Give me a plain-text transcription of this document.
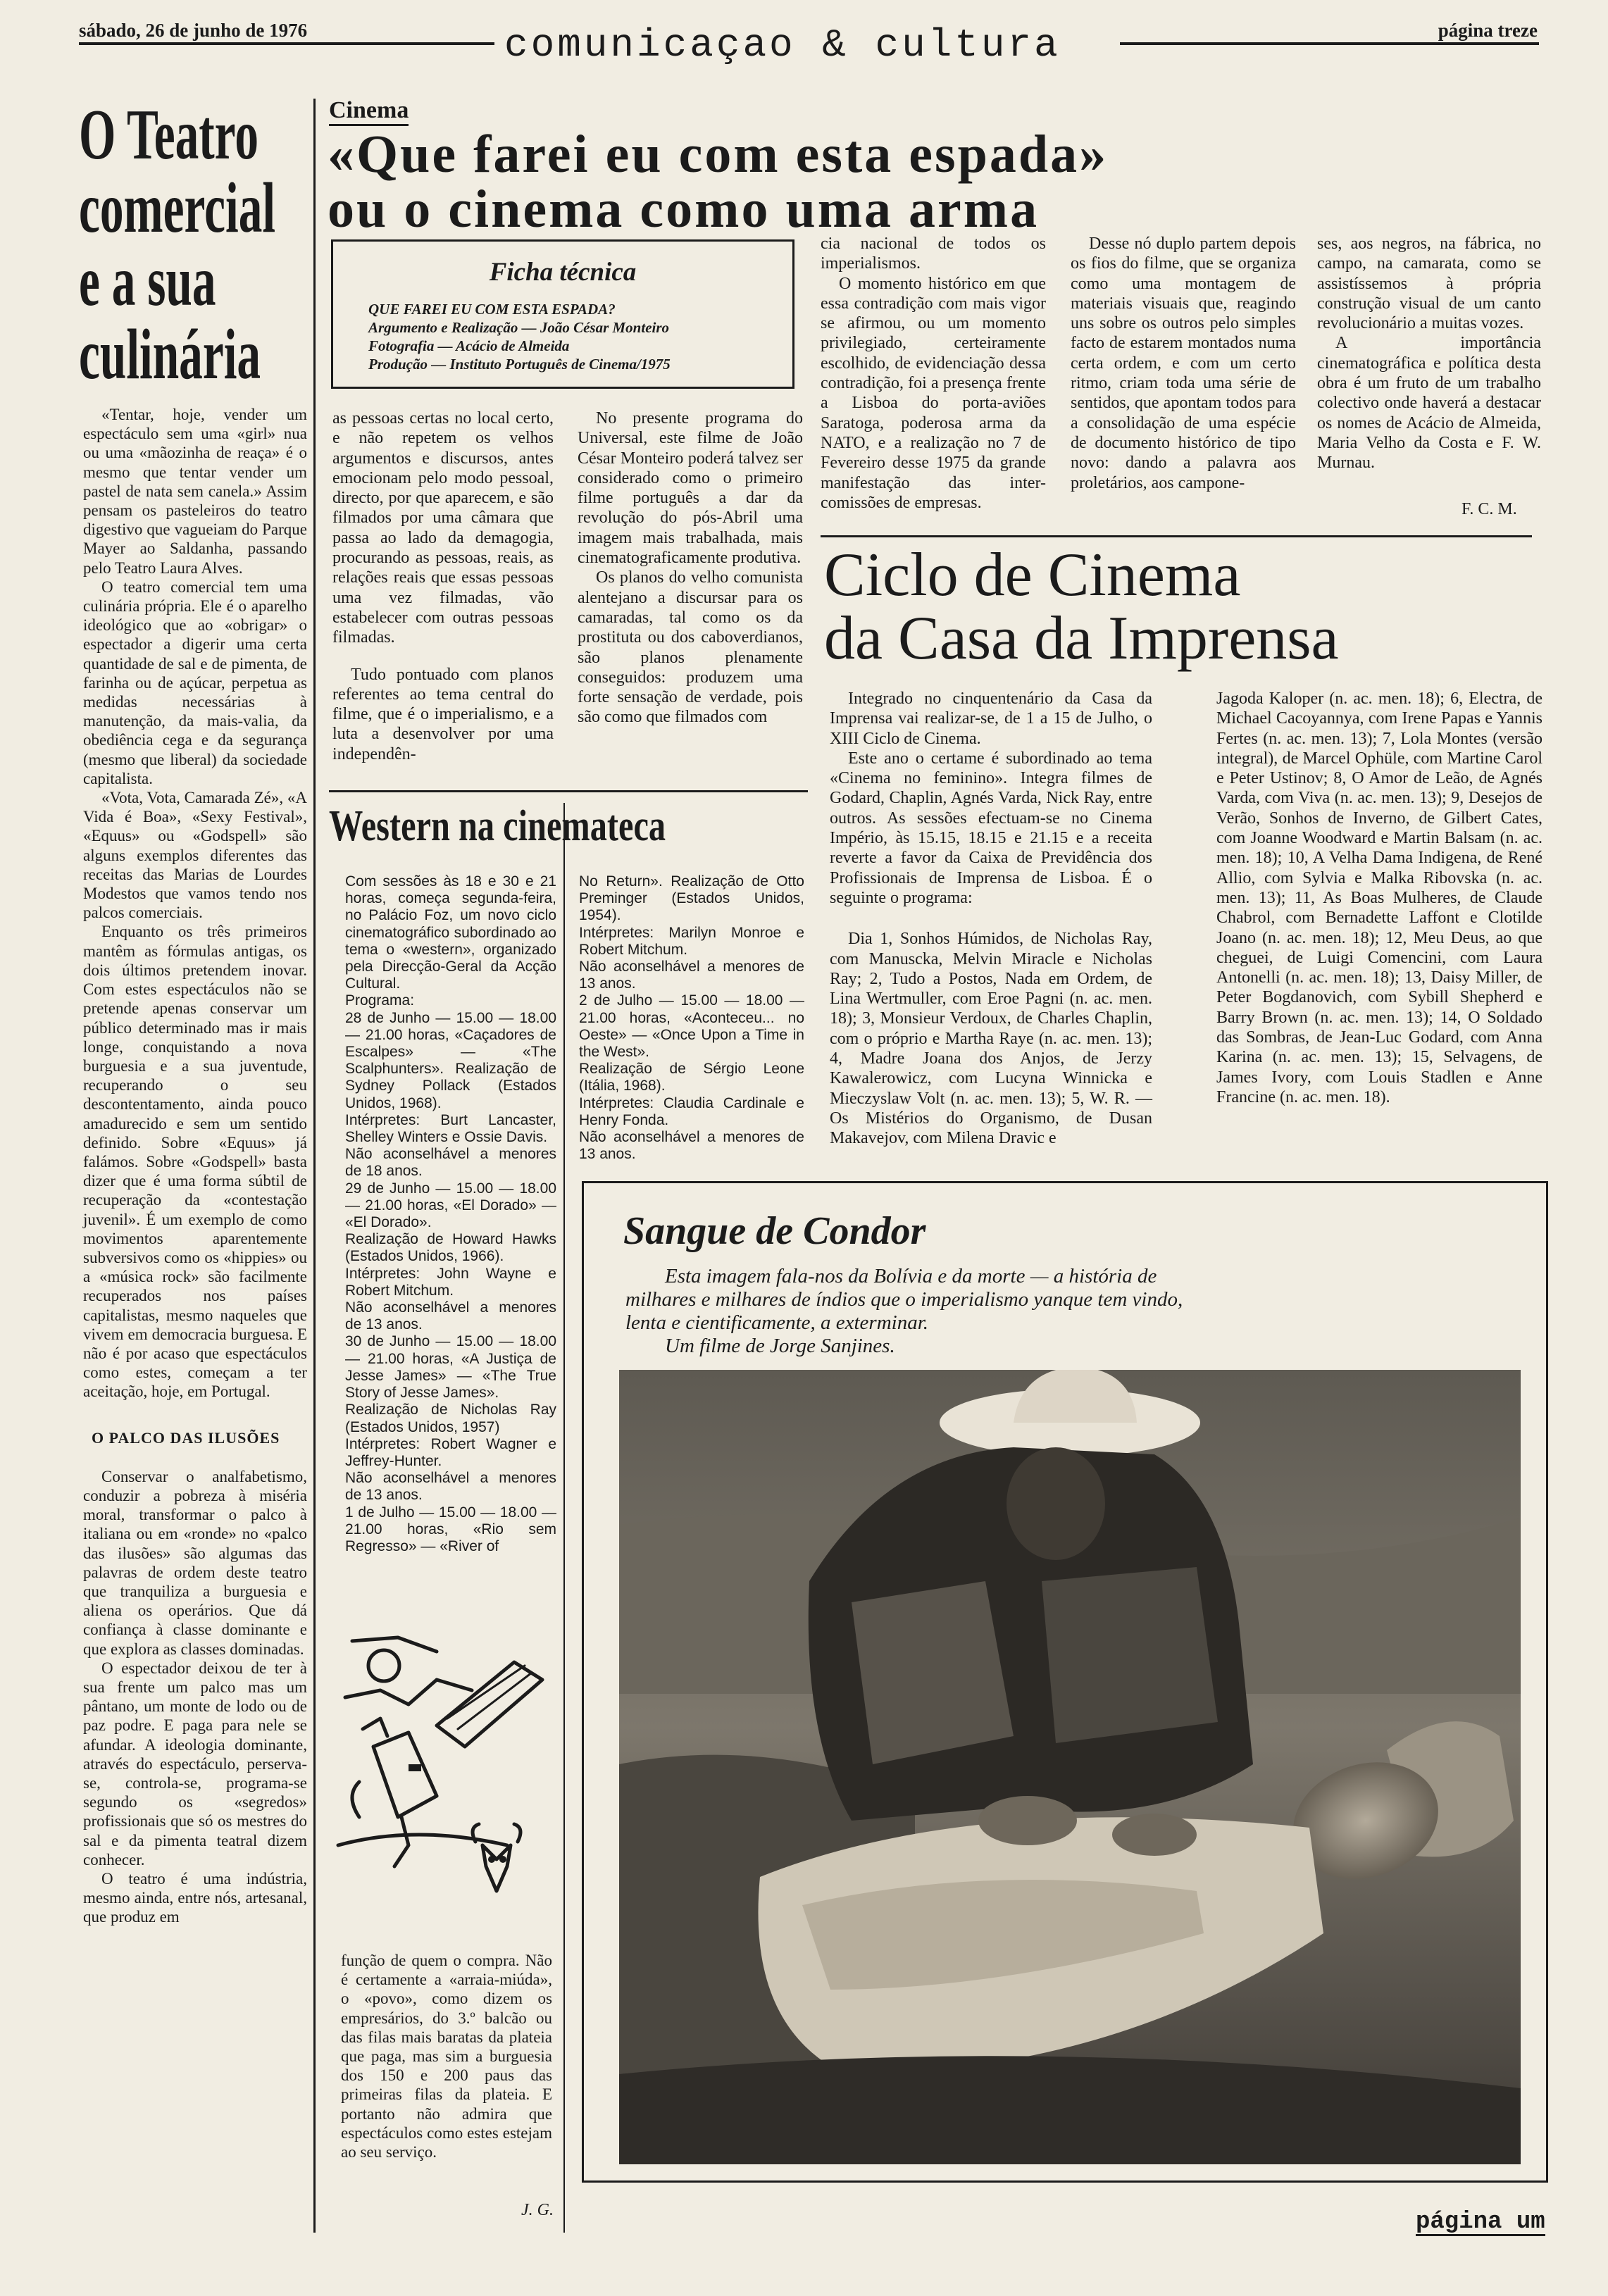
sábado, 26 de junho de 1976	comunicaçao & cultura	página treze
O Teatro
comercial
e a sua
culinária

«Tentar, hoje, vender um espectáculo sem uma «girl» nua ou uma «mãozinha de reaça» é o mesmo que tentar vender um pastel de nata sem canela.» Assim pensam os pasteleiros do teatro digestivo que vagueiam do Parque Mayer ao Saldanha, passando pelo Teatro Laura Alves.

O teatro comercial tem uma culinária própria. Ele é o aparelho ideológico que ao «obrigar» o espectador a digerir uma certa quantidade de sal e de pimenta, de farinha ou de açúcar, perpetua as medidas necessárias à manutenção, da mais-valia, da obediência cega e da segurança (mesmo que liberal) da sociedade capitalista.

«Vota, Vota, Camarada Zé», «A Vida é Boa», «Sexy Festival», «Equus» ou «Godspell» são alguns exemplos diferentes das receitas das Marias de Lourdes Modestos que vamos tendo nos palcos comerciais.

Enquanto os três primeiros mantêm as fórmulas antigas, os dois últimos pretendem inovar. Com estes espectáculos não se pretende apenas conservar um público determinado mas ir mais longe, conquistando a nova burguesia e a sua juventude, recuperando o seu descontentamento, ainda pouco amadurecido e sem um sentido definido. Sobre «Equus» já falámos. Sobre «Godspell» basta dizer que é uma forma súbtil de recuperação da «contestação juvenil». É um exemplo de como movimentos aparentemente subversivos como os «hippies» ou a «música rock» são facilmente recuperados nos países capitalistas, mesmo naqueles que vivem em democracia burguesa. E não é por acaso que espectáculos como estes, começam a ter aceitação, hoje, em Portugal.

O PALCO DAS ILUSÕES

Conservar o analfabetismo, conduzir a pobreza à miséria moral, transformar o palco à italiana ou em «ronde» no «palco das ilusões» são algumas das palavras de ordem deste teatro que tranquiliza a burguesia e aliena os operários. Que dá confiança à classe dominante e que explora as classes dominadas.

O espectador deixou de ter à sua frente um palco mas um pântano, um monte de lodo ou de paz podre. E paga para nele se afundar. A ideologia dominante, através do espectáculo, perserva-se, controla-se, programa-se segundo os «segredos» profissionais que só os mestres do sal e da pimenta teatral dizem conhecer.

O teatro é uma indústria, mesmo ainda, entre nós, artesanal, que produz em

função de quem o compra. Não é certamente a «arraia-miúda», o «povo», como dizem os empresários, do 3.º balcão ou das filas mais baratas da plateia que paga, mas sim a burguesia dos 150 e 200 paus das primeiras filas da plateia. E portanto não admira que espectáculos como estes estejam ao seu serviço.

J. G.
Cinema
«Que farei eu com esta espada»
ou o cinema como uma arma
Ficha técnica
QUE FAREI EU COM ESTA ESPADA?
Argumento e Realização — João César Monteiro
Fotografia — Acácio de Almeida
Produção — Instituto Português de Cinema/1975

as pessoas certas no local certo, e não repetem os velhos argumentos e discursos, antes emocionam pelo modo pessoal, directo, por que aparecem, e são filmados por uma câmara que passa ao lado da demagogia, procurando as pessoas, reais, as relações reais que essas pessoas uma vez filmadas, vão estabelecer com outras pessoas filmadas.

Tudo pontuado com planos referentes ao tema central do filme, que é o imperialismo, e a luta a desenvolver por uma independên-

No presente programa do Universal, este filme de João César Monteiro poderá talvez ser considerado como o primeiro filme português a dar da revolução do pós-Abril uma imagem mais trabalhada, mais cinematograficamente produtiva.

Os planos do velho comunista alentejano a discursar para os camaradas, tal como os da prostituta ou dos caboverdianos, são planos plenamente conseguidos: produzem uma forte sensação de verdade, pois são como que filmados com

cia nacional de todos os imperialismos.

O momento histórico em que essa contradição com mais vigor se afirmou, ou um momento privilegiado, certeiramente escolhido, de evidenciação dessa contradição, foi a presença frente a Lisboa do porta-aviões Saratoga, poderosa arma da NATO, e a realização no 7 de Fevereiro desse 1975 da grande manifestação das inter-comissões de empresas.

Desse nó duplo partem depois os fios do filme, que se organiza como uma montagem de materiais visuais que, reagindo uns sobre os outros pelo simples facto de estarem montados numa certa ordem, e com um certo ritmo, criam toda uma série de sentidos, que apontam todos para a consolidação de uma espécie de documento histórico de tipo novo: dando a palavra aos proletários, aos campone-

ses, aos negros, na fábrica, no campo, na camarata, como se assistíssemos à própria construção visual de um canto revolucionário a muitas vozes.

A importância cinematográfica e política desta obra é um fruto de um trabalho colectivo onde haverá a destacar os nomes de Acácio de Almeida, Maria Velho da Costa e F. W. Murnau.

F. C. M.
Western na cinemateca
Com sessões às 18 e 30 e 21 horas, começa segunda-feira, no Palácio Foz, um novo ciclo cinematográfico subordinado ao tema o «western», organizado pela Direcção-Geral da Acção Cultural.
Programa:
28 de Junho — 15.00 — 18.00 — 21.00 horas, «Caçadores de Escalpes» — «The Scalphunters». Realização de Sydney Pollack (Estados Unidos, 1968).
Intérpretes: Burt Lancaster, Shelley Winters e Ossie Davis.
Não aconselhável a menores de 18 anos.
29 de Junho — 15.00 — 18.00 — 21.00 horas, «El Dorado» — «El Dorado».
Realização de Howard Hawks (Estados Unidos, 1966).
Intérpretes: John Wayne e Robert Mitchum.
Não aconselhável a menores de 13 anos.
30 de Junho — 15.00 — 18.00 — 21.00 horas, «A Justiça de Jesse James» — «The True Story of Jesse James».
Realização de Nicholas Ray (Estados Unidos, 1957)
Intérpretes: Robert Wagner e Jeffrey-Hunter.
Não aconselhável a menores de 13 anos.
1 de Julho — 15.00 — 18.00 — 21.00 horas, «Rio sem Regresso» — «River of
No Return». Realização de Otto Preminger (Estados Unidos, 1954).
Intérpretes: Marilyn Monroe e Robert Mitchum.
Não aconselhável a menores de 13 anos.
2 de Julho — 15.00 — 18.00 — 21.00 horas, «Aconteceu... no Oeste» — «Once Upon a Time in the West».
Realização de Sérgio Leone (Itália, 1968).
Intérpretes: Claudia Cardinale e Henry Fonda.
Não aconselhável a menores de 13 anos.
Ciclo de Cinema
da Casa da Imprensa

Integrado no cinquentenário da Casa da Imprensa vai realizar-se, de 1 a 15 de Julho, o XIII Ciclo de Cinema.

Este ano o certame é subordinado ao tema «Cinema no feminino». Integra filmes de Godard, Chaplin, Agnés Varda, Nick Ray, entre outros. As sessões efectuam-se no Cinema Império, às 15.15, 18.15 e 21.15 e a receita reverte a favor da Caixa de Previdência dos Profissionais de Imprensa de Lisboa. É o seguinte o programa:

Dia 1, Sonhos Húmidos, de Nicholas Ray, com Manuscka, Melvin Miracle e Nicholas Ray; 2, Tudo a Postos, Nada em Ordem, de Lina Wertmuller, com Eroe Pagni (n. ac. men. 18); 3, Monsieur Verdoux, de Charles Chaplin, com o próprio e Martha Raye (n. ac. men. 13); 4, Madre Joana dos Anjos, de Jerzy Kawalerowicz, com Lucyna Winnicka e Mieczyslaw Volt (n. ac. men. 13); 5, W. R. — Os Mistérios do Organismo, de Dusan Makavejov, com Milena Dravic e

Jagoda Kaloper (n. ac. men. 18); 6, Electra, de Michael Cacoyannya, com Irene Papas e Yannis Fertes (n. ac. men. 13); 7, Lola Montes (versão integral), de Marcel Ophüle, com Martine Carol e Peter Ustinov; 8, O Amor de Leão, de Agnés Varda, com Viva (n. ac. men. 13); 9, Desejos de Verão, Sonhos de Inverno, de Gilbert Cates, com Joanne Woodward e Martin Balsam (n. ac. men. 18); 10, A Velha Dama Indigena, de René Allio, com Sylvia e Malka Ribovska (n. ac. men. 13); 11, As Boas Mulheres, de Claude Chabrol, com Bernadette Laffont e Clotilde Joano (n. ac. men. 18); 12, Meu Deus, ao que cheguei, de Luigi Comencini, com Laura Antonelli (n. ac. men. 18); 13, Daisy Miller, de Peter Bogdanovich, com Sybill Shepherd e Barry Brown (n. ac. men. 13); 14, O Soldado das Sombras, de Jean-Luc Godard, com Anna Karina (n. ac. men. 13); 15, Selvagens, de James Ivory, com Louis Stadlen e Anne Francine (n. ac. men. 18).

Sangue de Condor
Esta imagem fala-nos da Bolívia e da morte — a história de
milhares e milhares de índios que o imperialismo yanque tem vindo,
lenta e cientificamente, a exterminar.
Um filme de Jorge Sanjines.
página um
